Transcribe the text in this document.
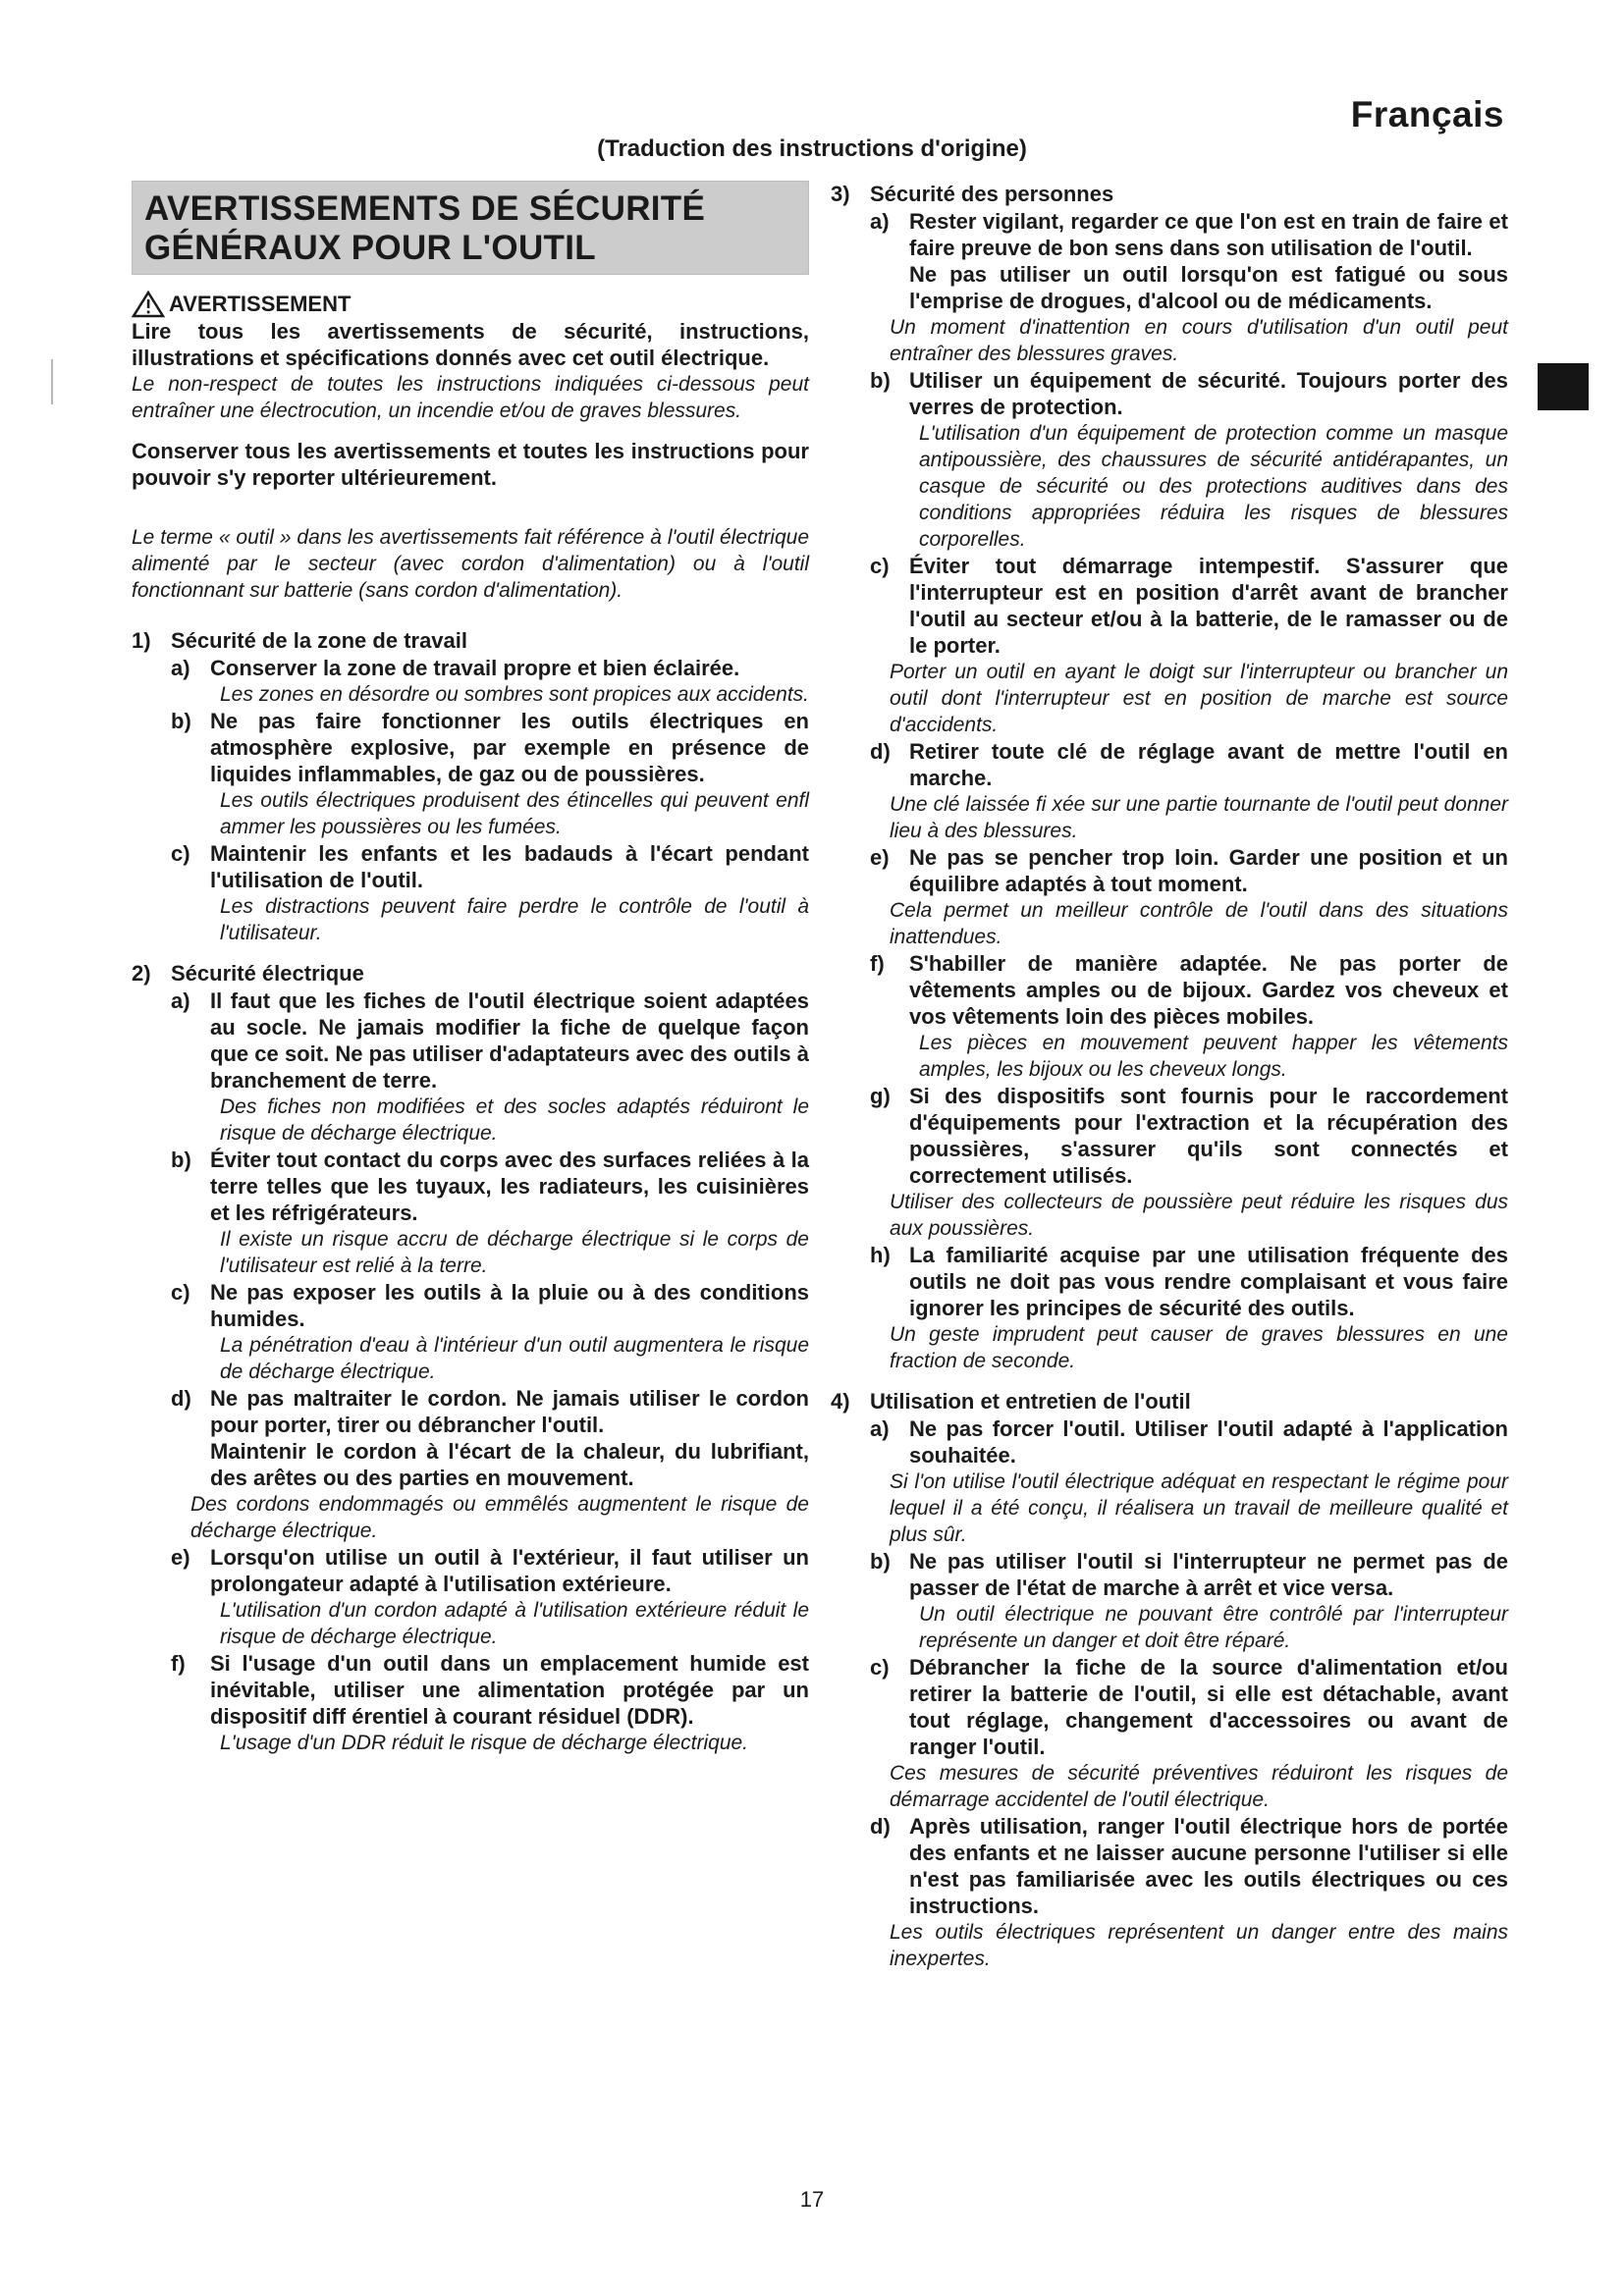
Français
(Traduction des instructions d'origine)
AVERTISSEMENTS DE SÉCURITÉ
GÉNÉRAUX POUR L'OUTIL
AVERTISSEMENT

Lire tous les avertissements de sécurité, instructions, illustrations et spécifications donnés avec cet outil électrique.

Le non-respect de toutes les instructions indiquées ci-dessous peut entraîner une électrocution, un incendie et/ou de graves blessures.

Conserver tous les avertissements et toutes les instructions pour pouvoir s'y reporter ultérieurement.

Le terme « outil » dans les avertissements fait référence à l'outil électrique alimenté par le secteur (avec cordon d'alimentation) ou à l'outil fonctionnant sur batterie (sans cordon d'alimentation).

1) Sécurité de la zone de travail
a) Conserver la zone de travail propre et bien éclairée.

Les zones en désordre ou sombres sont propices aux accidents.
b) Ne pas faire fonctionner les outils électriques en atmosphère explosive, par exemple en présence de liquides inflammables, de gaz ou de poussières.

Les outils électriques produisent des étincelles qui peuvent enfl ammer les poussières ou les fumées.
c) Maintenir les enfants et les badauds à l'écart pendant l'utilisation de l'outil.

Les distractions peuvent faire perdre le contrôle de l'outil à l'utilisateur.
2) Sécurité électrique
a) Il faut que les fiches de l'outil électrique soient adaptées au socle. Ne jamais modifier la fiche de quelque façon que ce soit. Ne pas utiliser d'adaptateurs avec des outils à branchement de terre.

Des fiches non modifiées et des socles adaptés réduiront le risque de décharge électrique.
b) Éviter tout contact du corps avec des surfaces reliées à la terre telles que les tuyaux, les radiateurs, les cuisinières et les réfrigérateurs.

Il existe un risque accru de décharge électrique si le corps de l'utilisateur est relié à la terre.
c) Ne pas exposer les outils à la pluie ou à des conditions humides.

La pénétration d'eau à l'intérieur d'un outil augmentera le risque de décharge électrique.
d) Ne pas maltraiter le cordon. Ne jamais utiliser le cordon pour porter, tirer ou débrancher l'outil.

Maintenir le cordon à l'écart de la chaleur, du lubrifiant, des arêtes ou des parties en mouvement.

Des cordons endommagés ou emmêlés augmentent le risque de décharge électrique.
e) Lorsqu'on utilise un outil à l'extérieur, il faut utiliser un prolongateur adapté à l'utilisation extérieure.

L'utilisation d'un cordon adapté à l'utilisation extérieure réduit le risque de décharge électrique.
f)	Si l'usage d'un outil dans un emplacement humide est inévitable, utiliser une alimentation protégée par un dispositif diff érentiel à courant résiduel (DDR).

L'usage d'un DDR réduit le risque de décharge électrique.
3) Sécurité des personnes
a) Rester vigilant, regarder ce que l'on est en train de faire et faire preuve de bon sens dans son utilisation de l'outil.

Ne pas utiliser un outil lorsqu'on est fatigué ou sous l'emprise de drogues, d'alcool ou de médicaments.

Un moment d'inattention en cours d'utilisation d'un outil peut entraîner des blessures graves.
b) Utiliser un équipement de sécurité. Toujours porter des verres de protection.

L'utilisation d'un équipement de protection comme un masque antipoussière, des chaussures de sécurité antidérapantes, un casque de sécurité ou des protections auditives dans des conditions appropriées réduira les risques de blessures corporelles.
c) Éviter tout démarrage intempestif. S'assurer que l'interrupteur est en position d'arrêt avant de brancher l'outil au secteur et/ou à la batterie, de le ramasser ou de le porter.

Porter un outil en ayant le doigt sur l'interrupteur ou brancher un outil dont l'interrupteur est en position de marche est source d'accidents.
d) Retirer toute clé de réglage avant de mettre l'outil en marche.

Une clé laissée fi xée sur une partie tournante de l'outil peut donner lieu à des blessures.
e) Ne pas se pencher trop loin. Garder une position et un équilibre adaptés à tout moment.

Cela permet un meilleur contrôle de l'outil dans des situations inattendues.
f)	S'habiller de manière adaptée. Ne pas porter de vêtements amples ou de bijoux. Gardez vos cheveux et vos vêtements loin des pièces mobiles.

Les pièces en mouvement peuvent happer les vêtements amples, les bijoux ou les cheveux longs.
g) Si des dispositifs sont fournis pour le raccordement d'équipements pour l'extraction et la récupération des poussières, s'assurer qu'ils sont connectés et correctement utilisés.

Utiliser des collecteurs de poussière peut réduire les risques dus aux poussières.
h) La familiarité acquise par une utilisation fréquente des outils ne doit pas vous rendre complaisant et vous faire ignorer les principes de sécurité des outils.

Un geste imprudent peut causer de graves blessures en une fraction de seconde.
4) Utilisation et entretien de l'outil
a) Ne pas forcer l'outil. Utiliser l'outil adapté à l'application souhaitée.

Si l'on utilise l'outil électrique adéquat en respectant le régime pour lequel il a été conçu, il réalisera un travail de meilleure qualité et plus sûr.
b) Ne pas utiliser l'outil si l'interrupteur ne permet pas de passer de l'état de marche à arrêt et vice versa.

Un outil électrique ne pouvant être contrôlé par l'interrupteur représente un danger et doit être réparé.
c) Débrancher la fiche de la source d'alimentation et/ou retirer la batterie de l'outil, si elle est détachable, avant tout réglage, changement d'accessoires ou avant de ranger l'outil.

Ces mesures de sécurité préventives réduiront les risques de démarrage accidentel de l'outil électrique.
d) Après utilisation, ranger l'outil électrique hors de portée des enfants et ne laisser aucune personne l'utiliser si elle n'est pas familiarisée avec les outils électriques ou ces instructions.

Les outils électriques représentent un danger entre des mains inexpertes.
17
